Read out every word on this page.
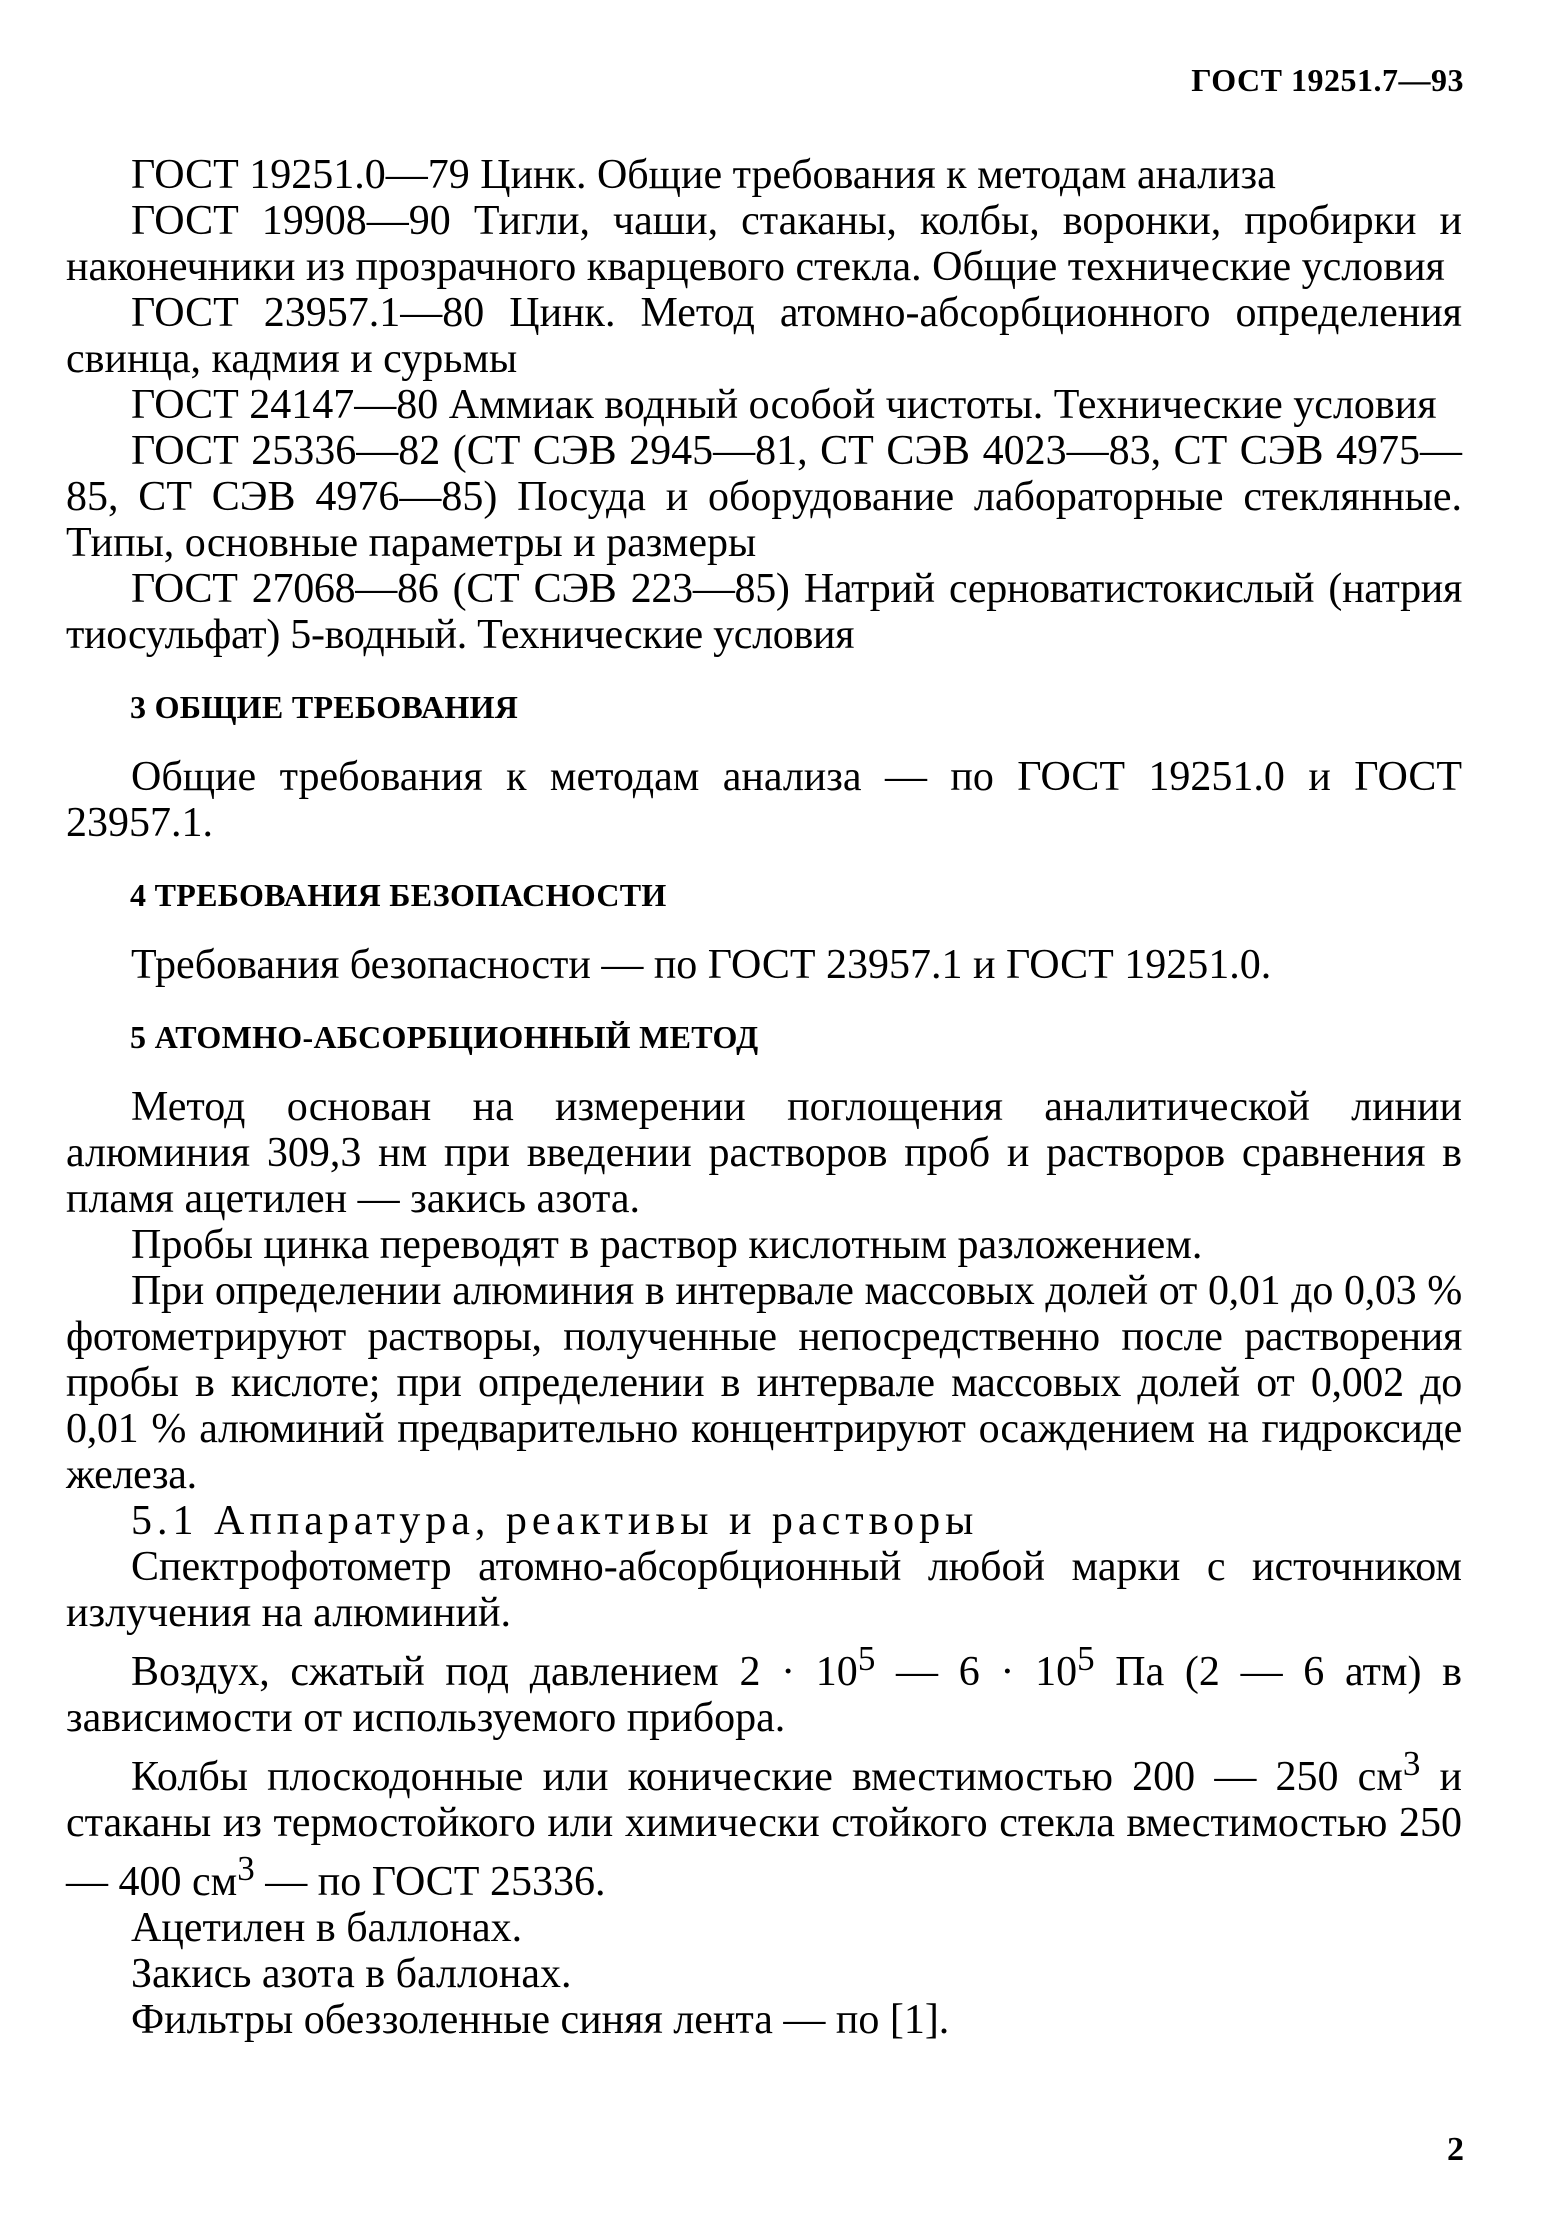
ГОСТ 19251.7—93

ГОСТ 19251.0—79 Цинк. Общие требования к методам анализа

ГОСТ 19908—90 Тигли, чаши, стаканы, колбы, воронки, пробирки и наконечники из прозрачного кварцевого стекла. Общие технические условия

ГОСТ 23957.1—80 Цинк. Метод атомно-абсорбционного определения свинца, кадмия и сурьмы

ГОСТ 24147—80 Аммиак водный особой чистоты. Технические условия

ГОСТ 25336—82 (СТ СЭВ 2945—81, СТ СЭВ 4023—83, СТ СЭВ 4975—85, СТ СЭВ 4976—85) Посуда и оборудование лабораторные стеклянные. Типы, основные параметры и размеры

ГОСТ 27068—86 (СТ СЭВ 223—85) Натрий серноватистокислый (натрия тиосульфат) 5-водный. Технические условия

3 ОБЩИЕ ТРЕБОВАНИЯ

Общие требования к методам анализа — по ГОСТ 19251.0 и ГОСТ 23957.1.

4 ТРЕБОВАНИЯ БЕЗОПАСНОСТИ

Требования безопасности — по ГОСТ 23957.1 и ГОСТ 19251.0.

5 АТОМНО-АБСОРБЦИОННЫЙ МЕТОД

Метод основан на измерении поглощения аналитической линии алюминия 309,3 нм при введении растворов проб и растворов сравнения в пламя ацетилен — закись азота.

Пробы цинка переводят в раствор кислотным разложением.

При определении алюминия в интервале массовых долей от 0,01 до 0,03 % фотометрируют растворы, полученные непосредственно после растворения пробы в кислоте; при определении в интервале массовых долей от 0,002 до 0,01 % алюминий предварительно концентрируют осаждением на гидроксиде железа.

5.1 Аппаратура, реактивы и растворы

Спектрофотометр атомно-абсорбционный любой марки с источником излучения на алюминий.

Воздух, сжатый под давлением $2 \cdot 10^5$ — $6 \cdot 10^5$ Па (2 — 6 атм) в зависимости от используемого прибора.

Колбы плоскодонные или конические вместимостью 200 — 250 $см^3$ и стаканы из термостойкого или химически стойкого стекла вместимостью 250 — 400 $см^3$ — по ГОСТ 25336.

Ацетилен в баллонах.

Закись азота в баллонах.

Фильтры обеззоленные синяя лента — по [1].

2
